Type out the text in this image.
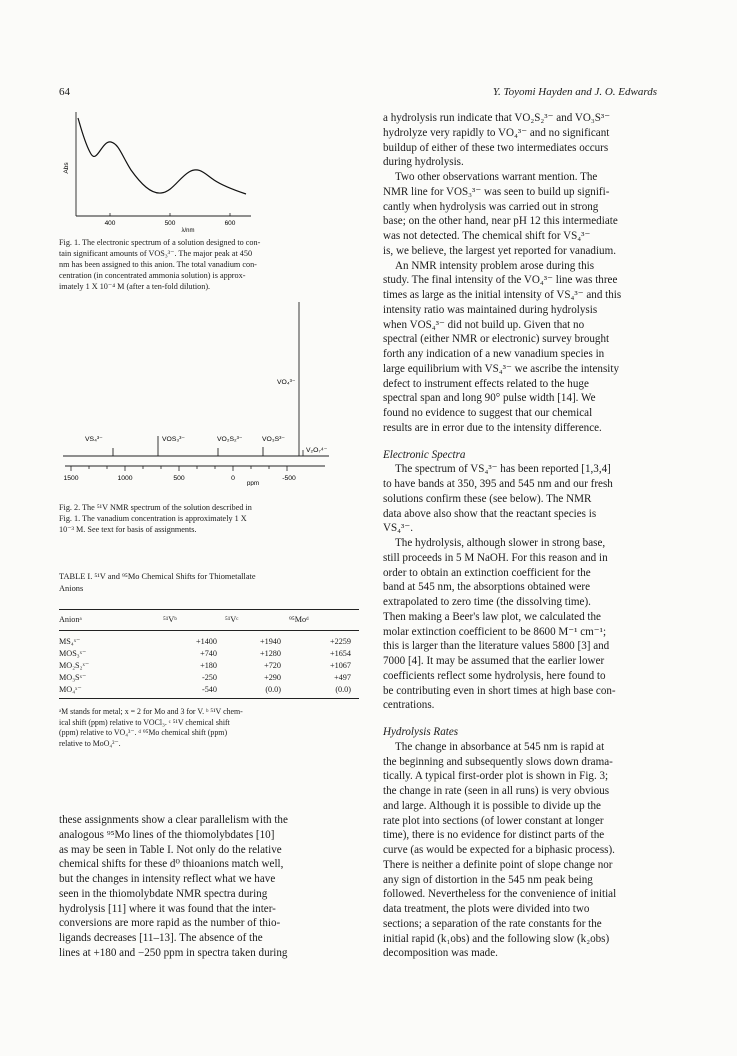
64	Y. Toyomi Hayden and J. O. Edwards
Abs
400	500	600
λ/nm
Fig. 1. The electronic spectrum of a solution designed to con-
tain significant amounts of VOS₃³⁻. The major peak at 450
nm has been assigned to this anion. The total vanadium con-
centration (in concentrated ammonia solution) is approx-
imately 1 X 10⁻⁴ M (after a ten-fold dilution).
VS₄³⁻	VOS₃³⁻	VO₂S₂³⁻	VO₃S³⁻
VO₄³⁻
V₂O₇⁴⁻
1500	1000	500	0	-500
ppm
Fig. 2. The ⁵¹V NMR spectrum of the solution described in
Fig. 1. The vanadium concentration is approximately 1 X
10⁻³ M. See text for basis of assignments.
TABLE I. ⁵¹V and ⁹⁵Mo Chemical Shifts for Thiometallate
Anions
Anionᵃ	⁵¹Vᵇ	⁵¹Vᶜ	⁹⁵Moᵈ
MS₄ˣ⁻	+1400	+1940	+2259
MOS₃ˣ⁻	+740	+1280	+1654
MO₂S₂ˣ⁻	+180	+720	+1067
MO₃Sˣ⁻	-250	+290	+497
MO₄ˣ⁻	-540	(0.0)	(0.0)
ᵃM stands for metal; x = 2 for Mo and 3 for V. ᵇ ⁵¹V chem-
ical shift (ppm) relative to VOCl₃. ᶜ ⁵¹V chemical shift
(ppm) relative to VO₄³⁻. ᵈ ⁹⁵Mo chemical shift (ppm)
relative to MoO₄²⁻.

these assignments show a clear parallelism with the

analogous ⁹⁵Mo lines of the thiomolybdates [10]

as may be seen in Table I. Not only do the relative

chemical shifts for these d⁰ thioanions match well,

but the changes in intensity reflect what we have

seen in the thiomolybdate NMR spectra during

hydrolysis [11] where it was found that the inter-

conversions are more rapid as the number of thio-

ligands decreases [11–13]. The absence of the

lines at +180 and −250 ppm in spectra taken during

a hydrolysis run indicate that VO₂S₂³⁻ and VO₃S³⁻

hydrolyze very rapidly to VO₄³⁻ and no significant

buildup of either of these two intermediates occurs

during hydrolysis.

Two other observations warrant mention. The

NMR line for VOS₃³⁻ was seen to build up signifi-

cantly when hydrolysis was carried out in strong

base; on the other hand, near pH 12 this intermediate

was not detected. The chemical shift for VS₄³⁻

is, we believe, the largest yet reported for vanadium.

An NMR intensity problem arose during this

study. The final intensity of the VO₄³⁻ line was three

times as large as the initial intensity of VS₄³⁻ and this

intensity ratio was maintained during hydrolysis

when VOS₄³⁻ did not build up. Given that no

spectral (either NMR or electronic) survey brought

forth any indication of a new vanadium species in

large equilibrium with VS₄³⁻ we ascribe the intensity

defect to instrument effects related to the huge

spectral span and long 90° pulse width [14]. We

found no evidence to suggest that our chemical

results are in error due to the intensity difference.

Electronic Spectra

The spectrum of VS₄³⁻ has been reported [1,3,4]

to have bands at 350, 395 and 545 nm and our fresh

solutions confirm these (see below). The NMR

data above also show that the reactant species is

VS₄³⁻.

The hydrolysis, although slower in strong base,

still proceeds in 5 M NaOH. For this reason and in

order to obtain an extinction coefficient for the

band at 545 nm, the absorptions obtained were

extrapolated to zero time (the dissolving time).

Then making a Beer's law plot, we calculated the

molar extinction coefficient to be 8600 M⁻¹ cm⁻¹;

this is larger than the literature values 5800 [3] and

7000 [4]. It may be assumed that the earlier lower

coefficients reflect some hydrolysis, here found to

be contributing even in short times at high base con-

centrations.

Hydrolysis Rates

The change in absorbance at 545 nm is rapid at

the beginning and subsequently slows down drama-

tically. A typical first-order plot is shown in Fig. 3;

the change in rate (seen in all runs) is very obvious

and large. Although it is possible to divide up the

rate plot into sections (of lower constant at longer

time), there is no evidence for distinct parts of the

curve (as would be expected for a biphasic process).

There is neither a definite point of slope change nor

any sign of distortion in the 545 nm peak being

followed. Nevertheless for the convenience of initial

data treatment, the plots were divided into two

sections; a separation of the rate constants for the

initial rapid (k₁obs) and the following slow (k₂obs)

decomposition was made.
